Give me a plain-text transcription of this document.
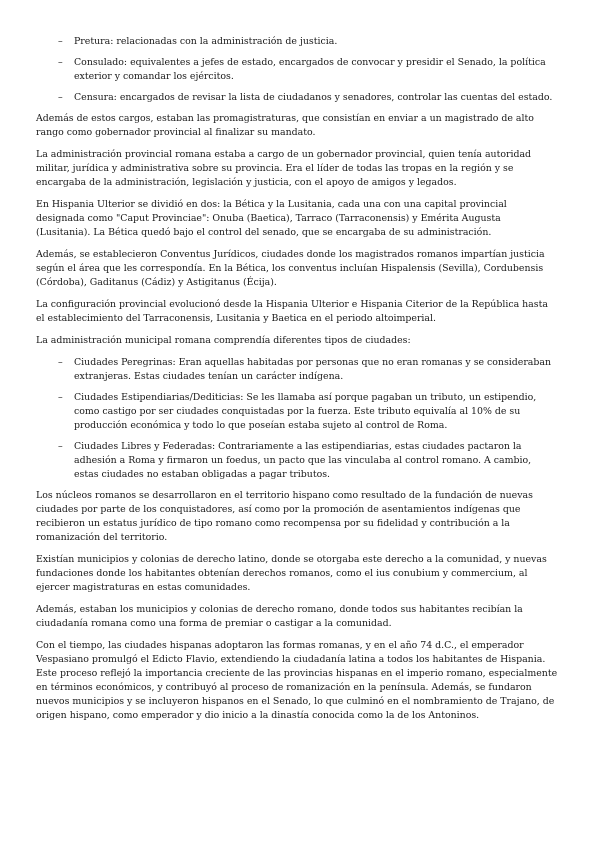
– Pretura: relacionadas con la administración de justicia.
– Consulado: equivalentes a jefes de estado, encargados de convocar y presidir el Senado, la política exterior y comandar los ejércitos.
– Censura: encargados de revisar la lista de ciudadanos y senadores, controlar las cuentas del estado.

Además de estos cargos, estaban las promagistraturas, que consistían en enviar a un magistrado de alto rango como gobernador provincial al finalizar su mandato.

La administración provincial romana estaba a cargo de un gobernador provincial, quien tenía autoridad militar, jurídica y administrativa sobre su provincia. Era el líder de todas las tropas en la región y se encargaba de la administración, legislación y justicia, con el apoyo de amigos y legados.

En Hispania Ulterior se dividió en dos: la Bética y la Lusitania, cada una con una capital provincial designada como "Caput Provinciae": Onuba (Baetica), Tarraco (Tarraconensis) y Emérita Augusta (Lusitania). La Bética quedó bajo el control del senado, que se encargaba de su administración.

Además, se establecieron Conventus Jurídicos, ciudades donde los magistrados romanos impartían justicia según el área que les correspondía. En la Bética, los conventus incluían Hispalensis (Sevilla), Cordubensis (Córdoba), Gaditanus (Cádiz) y Astigitanus (Écija).

La configuración provincial evolucionó desde la Hispania Ulterior e Hispania Citerior de la República hasta el establecimiento del Tarraconensis, Lusitania y Baetica en el periodo altoimperial.

La administración municipal romana comprendía diferentes tipos de ciudades:

– Ciudades Peregrinas: Eran aquellas habitadas por personas que no eran romanas y se consideraban extranjeras. Estas ciudades tenían un carácter indígena.
– Ciudades Estipendiarias/Dediticias: Se les llamaba así porque pagaban un tributo, un estipendio, como castigo por ser ciudades conquistadas por la fuerza. Este tributo equivalía al 10% de su producción económica y todo lo que poseían estaba sujeto al control de Roma.
– Ciudades Libres y Federadas: Contrariamente a las estipendiarias, estas ciudades pactaron la adhesión a Roma y firmaron un foedus, un pacto que las vinculaba al control romano. A cambio, estas ciudades no estaban obligadas a pagar tributos.

Los núcleos romanos se desarrollaron en el territorio hispano como resultado de la fundación de nuevas ciudades por parte de los conquistadores, así como por la promoción de asentamientos indígenas que recibieron un estatus jurídico de tipo romano como recompensa por su fidelidad y contribución a la romanización del territorio.

Existían municipios y colonias de derecho latino, donde se otorgaba este derecho a la comunidad, y nuevas fundaciones donde los habitantes obtenían derechos romanos, como el ius conubium y commercium, al ejercer magistraturas en estas comunidades.

Además, estaban los municipios y colonias de derecho romano, donde todos sus habitantes recibían la ciudadanía romana como una forma de premiar o castigar a la comunidad.

Con el tiempo, las ciudades hispanas adoptaron las formas romanas, y en el año 74 d.C., el emperador Vespasiano promulgó el Edicto Flavio, extendiendo la ciudadanía latina a todos los habitantes de Hispania. Este proceso reflejó la importancia creciente de las provincias hispanas en el imperio romano, especialmente en términos económicos, y contribuyó al proceso de romanización en la península. Además, se fundaron nuevos municipios y se incluyeron hispanos en el Senado, lo que culminó en el nombramiento de Trajano, de origen hispano, como emperador y dio inicio a la dinastía conocida como la de los Antoninos.
